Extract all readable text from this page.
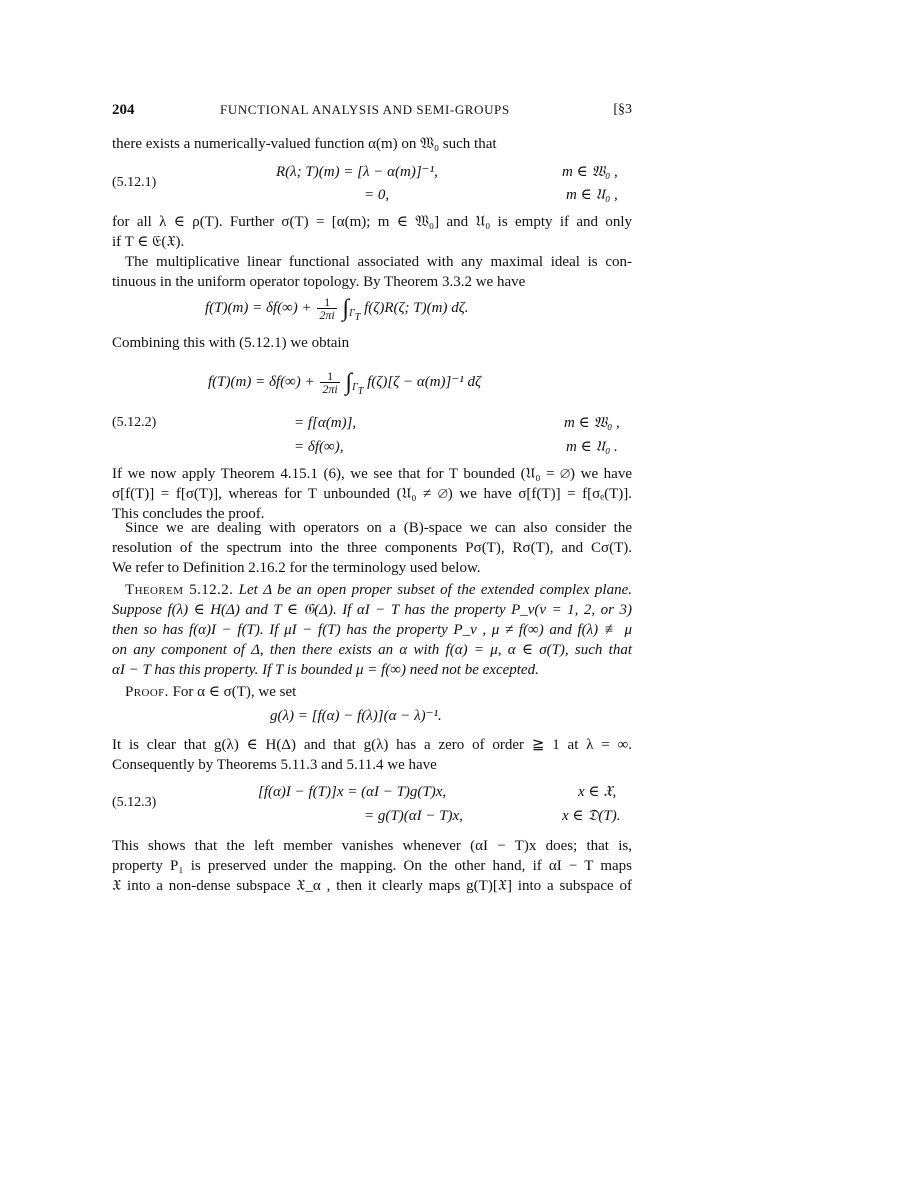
204	FUNCTIONAL ANALYSIS AND SEMI-GROUPS	[§3
there exists a numerically-valued function α(m) on 𝔚₀ such that
(5.12.1)
R(λ; T)(m) = [λ − α(m)]⁻¹,	m ∈ 𝔚₀ ,
= 0,	m ∈ 𝔘₀ ,
for all λ ∈ ρ(T). Further σ(T) = [α(m); m ∈ 𝔚₀] and 𝔘₀ is empty if and only
if T ∈ 𝔈(𝔛).
The multiplicative linear functional associated with any maximal ideal is con-
tinuous in the uniform operator topology. By Theorem 3.3.2 we have
$f(T)(m) = \delta f(\infty) + \frac{1}{2\pi i} \int_{\Gamma T}$ f(ζ)R(ζ; T)(m) dζ.
Combining this with (5.12.1) we obtain
$f(T)(m) = \delta f(\infty) + \frac{1}{2\pi i} \int_{\Gamma T}$ f(ζ)[ζ − α(m)]⁻¹ dζ
(5.12.2)	= f[α(m)],	m ∈ 𝔚₀ ,
= δf(∞),	m ∈ 𝔘₀ .
If we now apply Theorem 4.15.1 (6), we see that for T bounded (𝔘₀ = ∅) we have
σ[f(T)] = f[σ(T)], whereas for T unbounded (𝔘₀ ≠ ∅) we have σ[f(T)] = f[σₑ(T)].
This concludes the proof.
Since we are dealing with operators on a (B)-space we can also consider the
resolution of the spectrum into the three components Pσ(T), Rσ(T), and Cσ(T).
We refer to Definition 2.16.2 for the terminology used below.
Theorem 5.12.2. Let Δ be an open proper subset of the extended complex plane.
Suppose f(λ) ∈ H(Δ) and T ∈ 𝔊(Δ). If αI − T has the property P_ν(ν = 1, 2, or 3)
then so has f(α)I − f(T). If μI − f(T) has the property P_ν , μ ≠ f(∞) and f(λ) ≢ μ
on any component of Δ, then there exists an α with f(α) = μ, α ∈ σ(T), such that
αI − T has this property. If T is bounded μ = f(∞) need not be excepted.
Proof. For α ∈ σ(T), we set
g(λ) = [f(α) − f(λ)](α − λ)⁻¹.
It is clear that g(λ) ∈ H(Δ) and that g(λ) has a zero of order ≧ 1 at λ = ∞.
Consequently by Theorems 5.11.3 and 5.11.4 we have
(5.12.3)
[f(α)I − f(T)]x = (αI − T)g(T)x,	x ∈ 𝔛,
= g(T)(αI − T)x,	x ∈ 𝔇(T).
This shows that the left member vanishes whenever (αI − T)x does; that is,
property P₁ is preserved under the mapping. On the other hand, if αI − T maps
𝔛 into a non-dense subspace 𝔛_α , then it clearly maps g(T)[𝔛] into a subspace of
